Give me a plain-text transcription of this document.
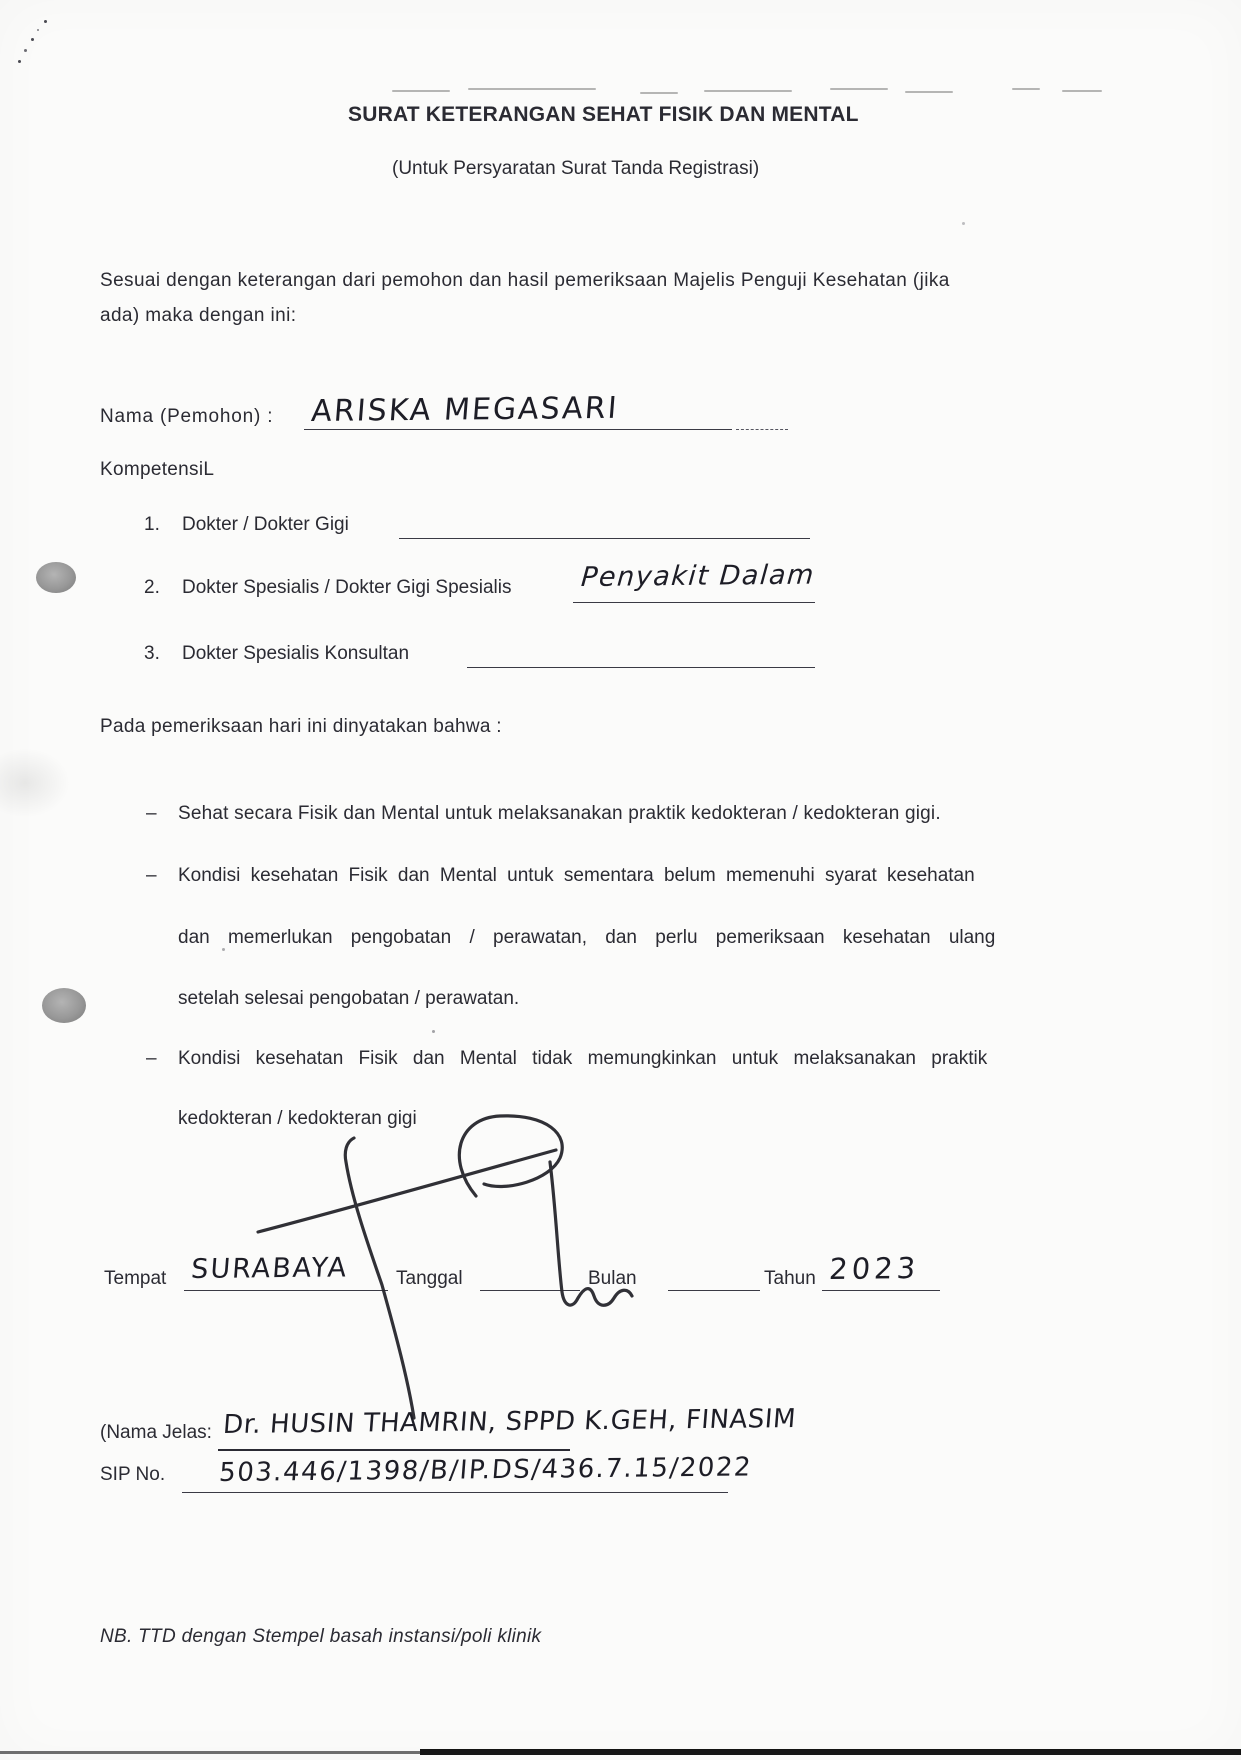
SURAT KETERANGAN SEHAT FISIK DAN MENTAL
(Untuk Persyaratan Surat Tanda Registrasi)
Sesuai dengan keterangan dari pemohon dan hasil pemeriksaan Majelis Penguji Kesehatan (jika
ada) maka dengan ini:
Nama (Pemohon) : ARISKA MEGASARI
KompetensiL
1. Dokter / Dokter Gigi
2. Dokter Spesialis / Dokter Gigi Spesialis	Penyakit Dalam
3. Dokter Spesialis Konsultan
Pada pemeriksaan hari ini dinyatakan bahwa :
– Sehat secara Fisik dan Mental untuk melaksanakan praktik kedokteran / kedokteran gigi.
– Kondisi kesehatan Fisik dan Mental untuk sementara belum memenuhi syarat kesehatan
dan memerlukan pengobatan / perawatan, dan perlu pemeriksaan kesehatan ulang
setelah selesai pengobatan / perawatan.
– Kondisi kesehatan Fisik dan Mental tidak memungkinkan untuk melaksanakan praktik
kedokteran / kedokteran gigi
Tempat SURABAYA Tanggal	Bulan	Tahun 2023
(Nama Jelas: Dr. HUSIN THAMRIN, SPPD K.GEH, FINASIM
SIP No. 503.446/1398/B/IP.DS/436.7.15/2022
NB. TTD dengan Stempel basah instansi/poli klinik
